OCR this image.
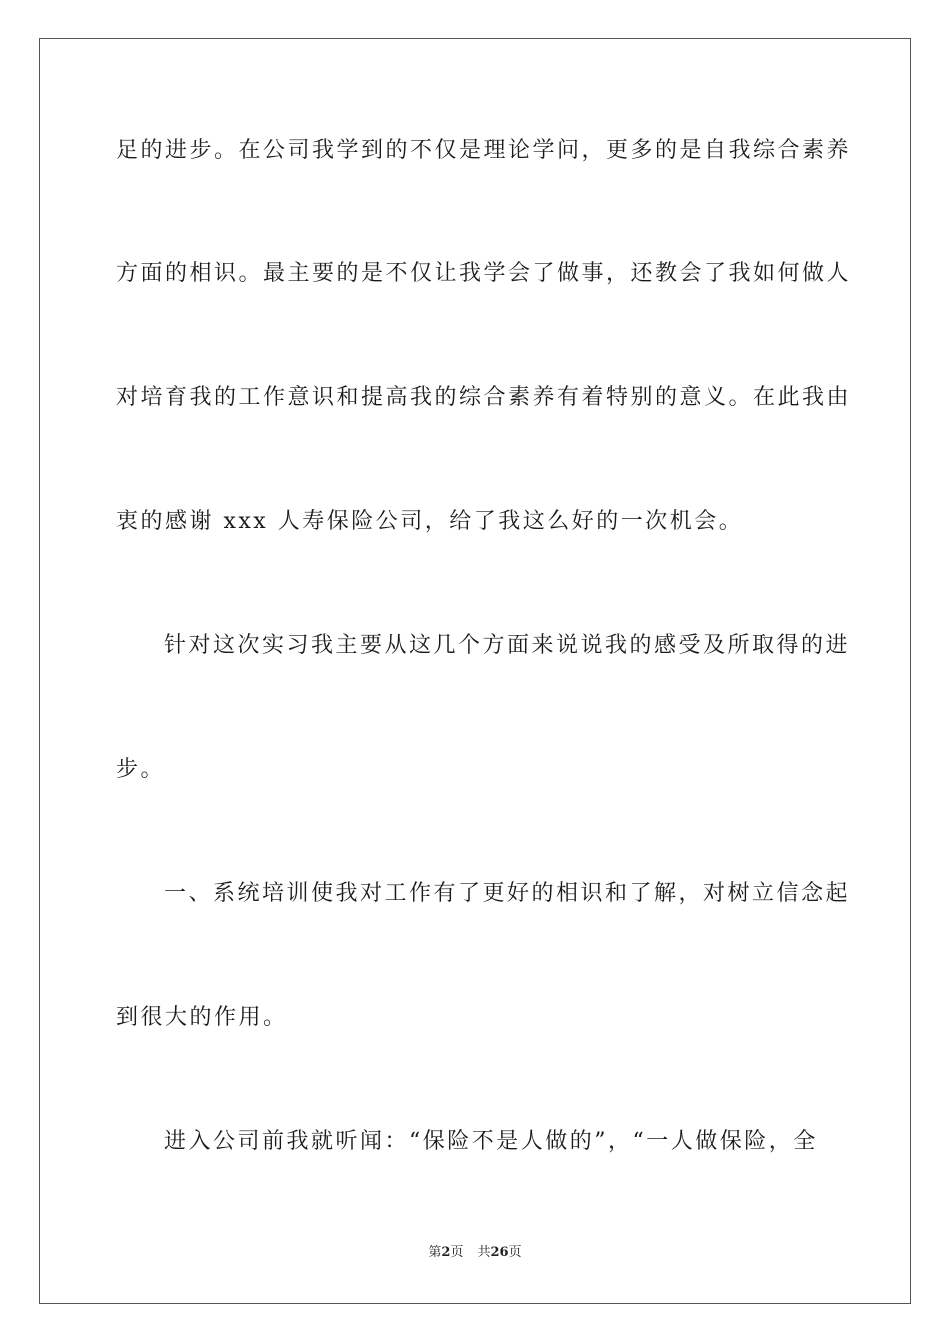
足的进步。在公司我学到的不仅是理论学问，更多的是自我综合素养
方面的相识。最主要的是不仅让我学会了做事，还教会了我如何做人
对培育我的工作意识和提高我的综合素养有着特别的意义。在此我由
衷的感谢 xxx 人寿保险公司，给了我这么好的一次机会。
针对这次实习我主要从这几个方面来说说我的感受及所取得的进
步。
一、系统培训使我对工作有了更好的相识和了解，对树立信念起
到很大的作用。
进入公司前我就听闻：“保险不是人做的”，“一人做保险，全
第2页 共26页
